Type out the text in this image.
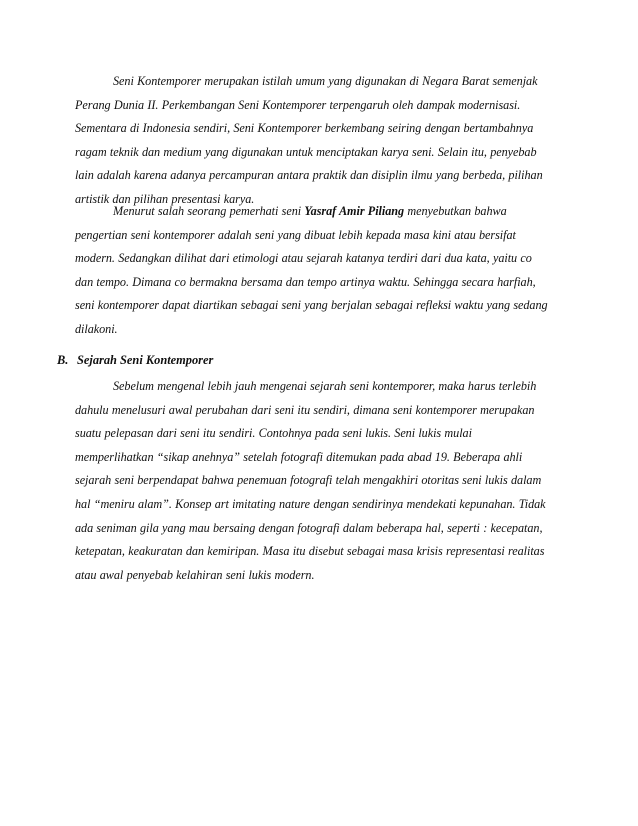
Seni Kontemporer merupakan istilah umum yang digunakan di Negara Barat semenjak
Perang Dunia II. Perkembangan Seni Kontemporer terpengaruh oleh dampak modernisasi.
Sementara di Indonesia sendiri, Seni Kontemporer berkembang seiring dengan bertambahnya
ragam teknik dan medium yang digunakan untuk menciptakan karya seni. Selain itu, penyebab
lain adalah karena adanya percampuran antara praktik dan disiplin ilmu yang berbeda, pilihan
artistik dan pilihan presentasi karya.

Menurut salah seorang pemerhati seni Yasraf Amir Piliang menyebutkan bahwa
pengertian seni kontemporer adalah seni yang dibuat lebih kepada masa kini atau bersifat
modern. Sedangkan dilihat dari etimologi atau sejarah katanya terdiri dari dua kata, yaitu co
dan tempo. Dimana co bermakna bersama dan tempo artinya waktu. Sehingga secara harfiah,
seni kontemporer dapat diartikan sebagai seni yang berjalan sebagai refleksi waktu yang sedang
dilakoni.

B. Sejarah Seni Kontemporer

Sebelum mengenal lebih jauh mengenai sejarah seni kontemporer, maka harus terlebih
dahulu menelusuri awal perubahan dari seni itu sendiri, dimana seni kontemporer merupakan
suatu pelepasan dari seni itu sendiri. Contohnya pada seni lukis. Seni lukis mulai
memperlihatkan “sikap anehnya” setelah fotografi ditemukan pada abad 19. Beberapa ahli
sejarah seni berpendapat bahwa penemuan fotografi telah mengakhiri otoritas seni lukis dalam
hal “meniru alam”. Konsep art imitating nature dengan sendirinya mendekati kepunahan. Tidak
ada seniman gila yang mau bersaing dengan fotografi dalam beberapa hal, seperti : kecepatan,
ketepatan, keakuratan dan kemiripan. Masa itu disebut sebagai masa krisis representasi realitas
atau awal penyebab kelahiran seni lukis modern.
